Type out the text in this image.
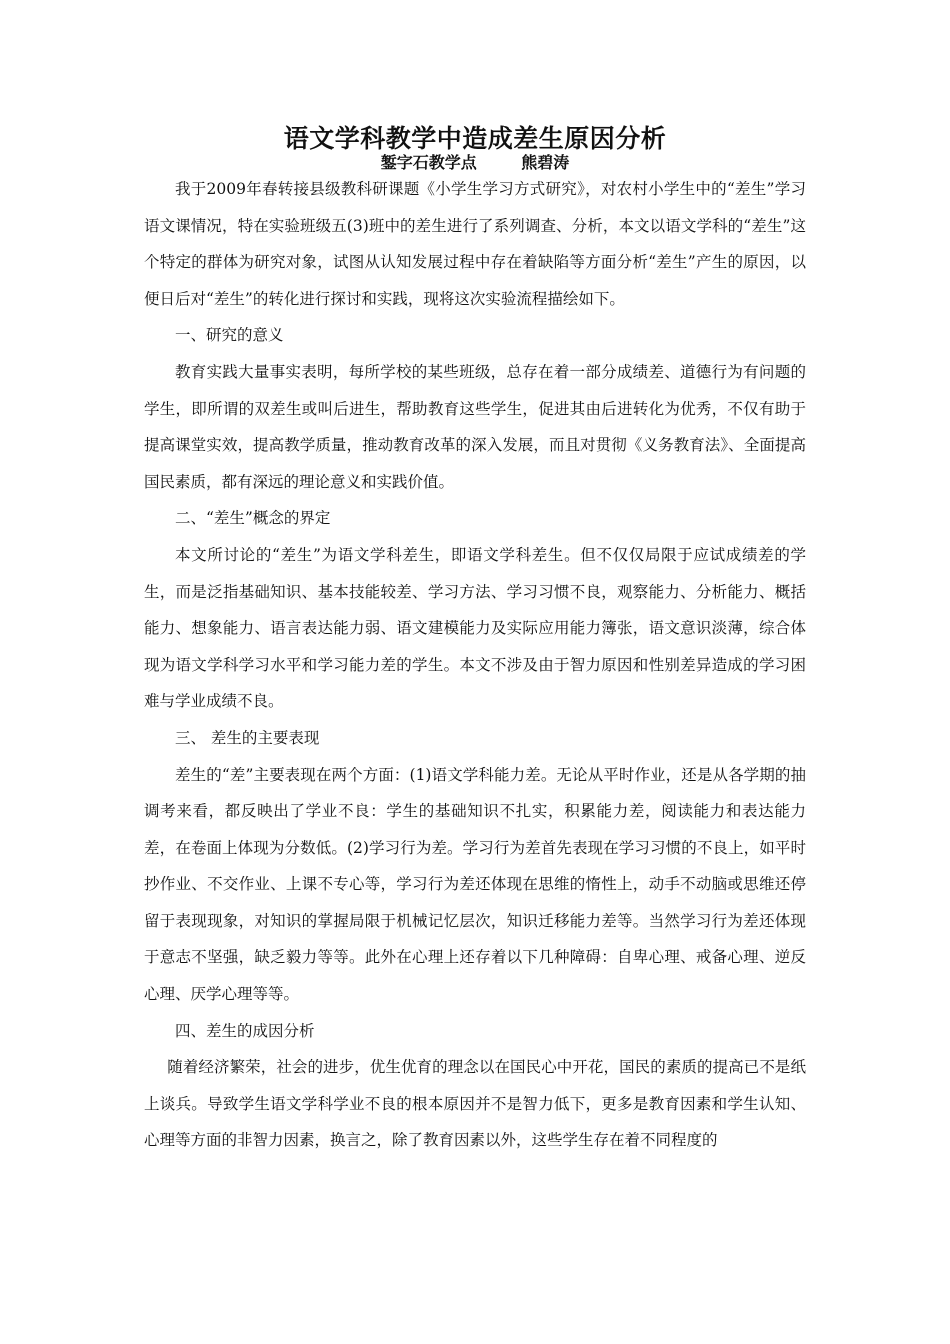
语文学科教学中造成差生原因分析
錾字石教学点        熊碧涛

我于2009年春转接县级教科研课题《小学生学习方式研究》，对农村小学生中的“差生”学习语文课情况，特在实验班级五(3)班中的差生进行了系列调查、分析，本文以语文学科的“差生”这个特定的群体为研究对象，试图从认知发展过程中存在着缺陷等方面分析“差生”产生的原因，以便日后对“差生”的转化进行探讨和实践，现将这次实验流程描绘如下。

一、研究的意义

教育实践大量事实表明，每所学校的某些班级，总存在着一部分成绩差、道德行为有问题的学生，即所谓的双差生或叫后进生，帮助教育这些学生，促进其由后进转化为优秀，不仅有助于提高课堂实效，提高教学质量，推动教育改革的深入发展，而且对贯彻《义务教育法》、全面提高国民素质，都有深远的理论意义和实践价值。

二、“差生”概念的界定

本文所讨论的“差生”为语文学科差生，即语文学科差生。但不仅仅局限于应试成绩差的学生，而是泛指基础知识、基本技能较差、学习方法、学习习惯不良，观察能力、分析能力、概括能力、想象能力、语言表达能力弱、语文建模能力及实际应用能力簿张，语文意识淡薄，综合体现为语文学科学习水平和学习能力差的学生。本文不涉及由于智力原因和性别差异造成的学习困难与学业成绩不良。

三、 差生的主要表现

差生的“差”主要表现在两个方面：(1)语文学科能力差。无论从平时作业，还是从各学期的抽调考来看，都反映出了学业不良：学生的基础知识不扎实，积累能力差，阅读能力和表达能力差，在卷面上体现为分数低。(2)学习行为差。学习行为差首先表现在学习习惯的不良上，如平时抄作业、不交作业、上课不专心等，学习行为差还体现在思维的惰性上，动手不动脑或思维还停留于表现现象，对知识的掌握局限于机械记忆层次，知识迁移能力差等。当然学习行为差还体现于意志不坚强，缺乏毅力等等。此外在心理上还存着以下几种障碍：自卑心理、戒备心理、逆反心理、厌学心理等等。

四、差生的成因分析

随着经济繁荣，社会的进步，优生优育的理念以在国民心中开花，国民的素质的提高已不是纸上谈兵。导致学生语文学科学业不良的根本原因并不是智力低下，更多是教育因素和学生认知、心理等方面的非智力因素，换言之，除了教育因素以外，这些学生存在着不同程度的
